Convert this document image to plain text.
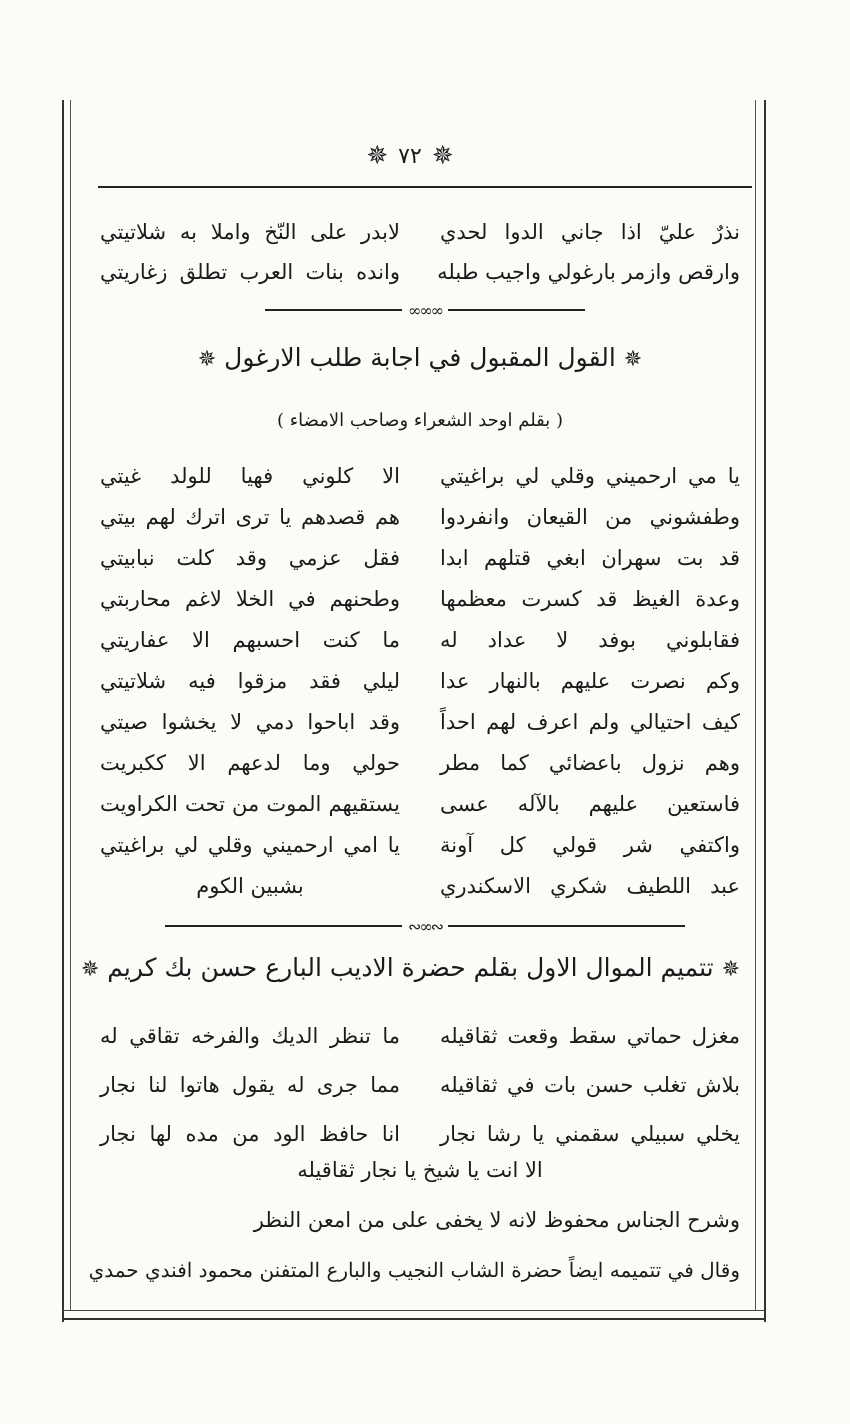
✵ ٧٢ ✵
نذرٌ عليّ اذا جاني الدوا لحدي
لابدر على النّخ واملا به شلاتيتي
وارقص وازمر بارغولي واجيب طبله
وانده بنات العرب تطلق زغاريتي
∞∞∞
✵ القول المقبول في اجابة طلب الارغول ✵
( بقلم اوحد الشعراء وصاحب الامضاء )
يا مي ارحميني وقلي لي براغيتي
الا كلوني فهيا للولد غيتي
وطفشوني من القيعان وانفردوا
هم قصدهم يا ترى اترك لهم بيتي
قد بت سهران ابغي قتلهم ابدا
فقل عزمي وقد كلت نبابيتي
وعدة الغيظ قد كسرت معظمها
وطحنهم في الخلا لاغم محاربتي
فقابلوني بوفد لا عداد له
ما كنت احسبهم الا عفاريتي
وكم نصرت عليهم بالنهار عدا
ليلي فقد مزقوا فيه شلاتيتي
كيف احتيالي ولم اعرف لهم احداً
وقد اباحوا دمي لا يخشوا صيتي
وهم نزول باعضائي كما مطر
حولي وما لدعهم الا ككبريت
فاستعين عليهم بالآله عسى
يستقيهم الموت من تحت الكراويت
واكتفي شر قولي كل آونة
يا امي ارحميني وقلي لي براغيتي
عبد اللطيف شكري الاسكندري
بشبين الكوم
∾∞∾
✵ تتميم الموال الاول بقلم حضرة الاديب البارع حسن بك كريم ✵
مغزل حماتي سقط وقعت ثقاقيله
ما تنظر الديك والفرخه تقاقي له
بلاش تغلب حسن بات في ثقاقيله
مما جرى له يقول هاتوا لنا نجار
يخلي سبيلي سقمني يا رشا نجار
انا حافظ الود من مده لها نجار
الا انت يا شيخ يا نجار ثقاقيله
وشرح الجناس محفوظ لانه لا يخفى على من امعن النظر
وقال في تتميمه ايضاً حضرة الشاب النجيب والبارع المتفنن محمود افندي حمدي
